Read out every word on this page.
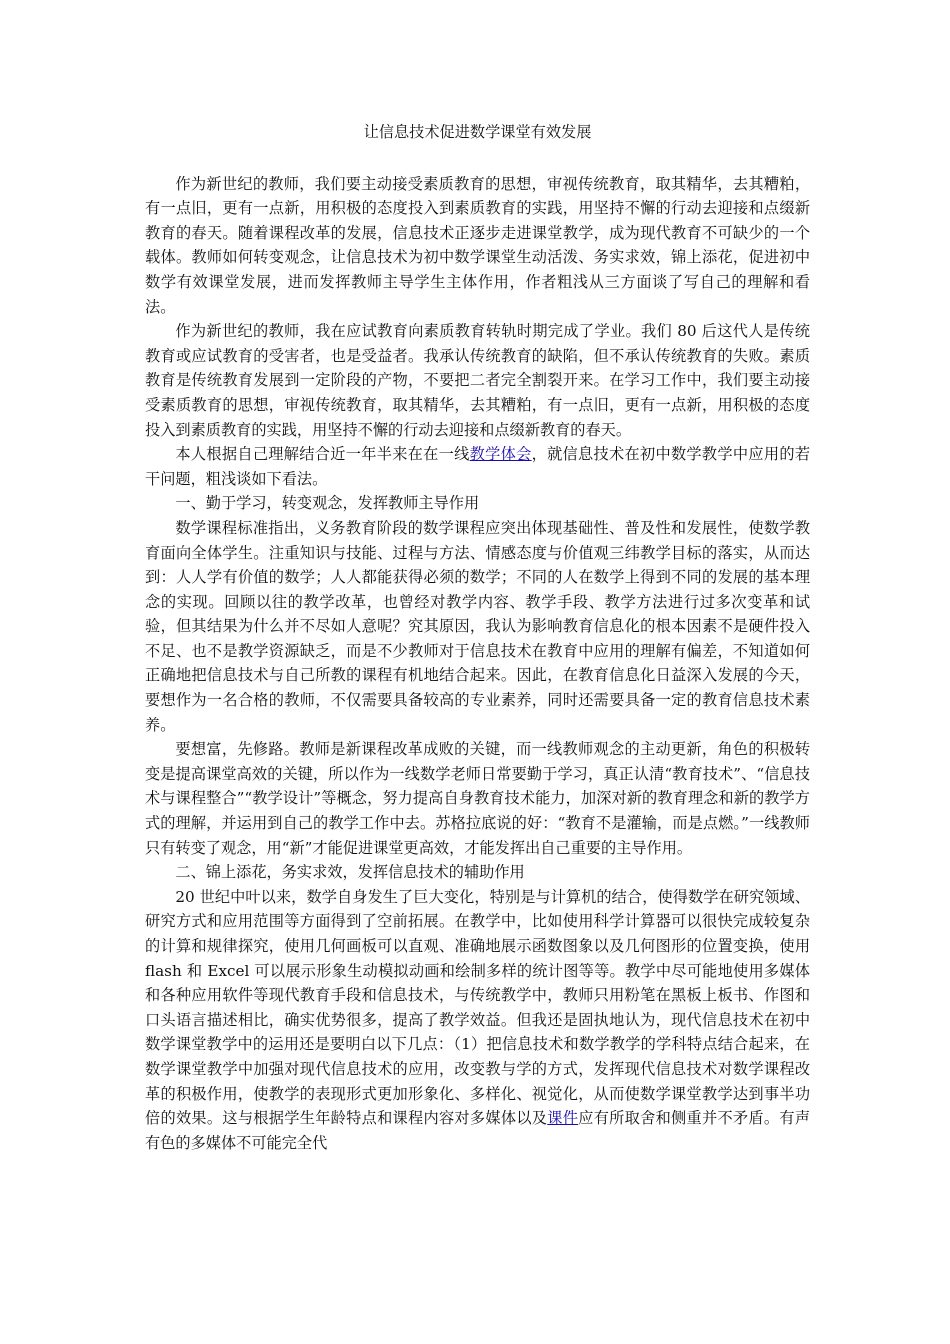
让信息技术促进数学课堂有效发展

作为新世纪的教师，我们要主动接受素质教育的思想，审视传统教育，取其精华，去其糟粕，有一点旧，更有一点新，用积极的态度投入到素质教育的实践，用坚持不懈的行动去迎接和点缀新教育的春天。随着课程改革的发展，信息技术正逐步走进课堂教学，成为现代教育不可缺少的一个载体。教师如何转变观念，让信息技术为初中数学课堂生动活泼、务实求效，锦上添花，促进初中数学有效课堂发展，进而发挥教师主导学生主体作用，作者粗浅从三方面谈了写自己的理解和看法。

作为新世纪的教师，我在应试教育向素质教育转轨时期完成了学业。我们 80 后这代人是传统教育或应试教育的受害者，也是受益者。我承认传统教育的缺陷，但不承认传统教育的失败。素质教育是传统教育发展到一定阶段的产物，不要把二者完全割裂开来。在学习工作中，我们要主动接受素质教育的思想，审视传统教育，取其精华，去其糟粕，有一点旧，更有一点新，用积极的态度投入到素质教育的实践，用坚持不懈的行动去迎接和点缀新教育的春天。

本人根据自己理解结合近一年半来在在一线教学体会，就信息技术在初中数学教学中应用的若干问题，粗浅谈如下看法。

一、勤于学习，转变观念，发挥教师主导作用

数学课程标准指出，义务教育阶段的数学课程应突出体现基础性、普及性和发展性，使数学教育面向全体学生。注重知识与技能、过程与方法、情感态度与价值观三纬教学目标的落实，从而达到：人人学有价值的数学；人人都能获得必须的数学；不同的人在数学上得到不同的发展的基本理念的实现。回顾以往的教学改革，也曾经对教学内容、教学手段、教学方法进行过多次变革和试验，但其结果为什么并不尽如人意呢？究其原因，我认为影响教育信息化的根本因素不是硬件投入不足、也不是教学资源缺乏，而是不少教师对于信息技术在教育中应用的理解有偏差，不知道如何正确地把信息技术与自己所教的课程有机地结合起来。因此，在教育信息化日益深入发展的今天，要想作为一名合格的教师，不仅需要具备较高的专业素养，同时还需要具备一定的教育信息技术素养。

要想富，先修路。教师是新课程改革成败的关键，而一线教师观念的主动更新，角色的积极转变是提高课堂高效的关键，所以作为一线数学老师日常要勤于学习，真正认清“教育技术”、“信息技术与课程整合”“教学设计”等概念，努力提高自身教育技术能力，加深对新的教育理念和新的教学方式的理解，并运用到自己的教学工作中去。苏格拉底说的好：“教育不是灌输，而是点燃。”一线教师只有转变了观念，用“新”才能促进课堂更高效，才能发挥出自己重要的主导作用。

二、锦上添花，务实求效，发挥信息技术的辅助作用

20 世纪中叶以来，数学自身发生了巨大变化，特别是与计算机的结合，使得数学在研究领域、研究方式和应用范围等方面得到了空前拓展。在教学中，比如使用科学计算器可以很快完成较复杂的计算和规律探究，使用几何画板可以直观、准确地展示函数图象以及几何图形的位置变换，使用 flash 和 Excel 可以展示形象生动模拟动画和绘制多样的统计图等等。教学中尽可能地使用多媒体和各种应用软件等现代教育手段和信息技术，与传统教学中，教师只用粉笔在黑板上板书、作图和口头语言描述相比，确实优势很多，提高了教学效益。但我还是固执地认为，现代信息技术在初中数学课堂教学中的运用还是要明白以下几点：（1）把信息技术和数学教学的学科特点结合起来，在数学课堂教学中加强对现代信息技术的应用，改变教与学的方式，发挥现代信息技术对数学课程改革的积极作用，使教学的表现形式更加形象化、多样化、视觉化，从而使数学课堂教学达到事半功倍的效果。这与根据学生年龄特点和课程内容对多媒体以及课件应有所取舍和侧重并不矛盾。有声有色的多媒体不可能完全代
